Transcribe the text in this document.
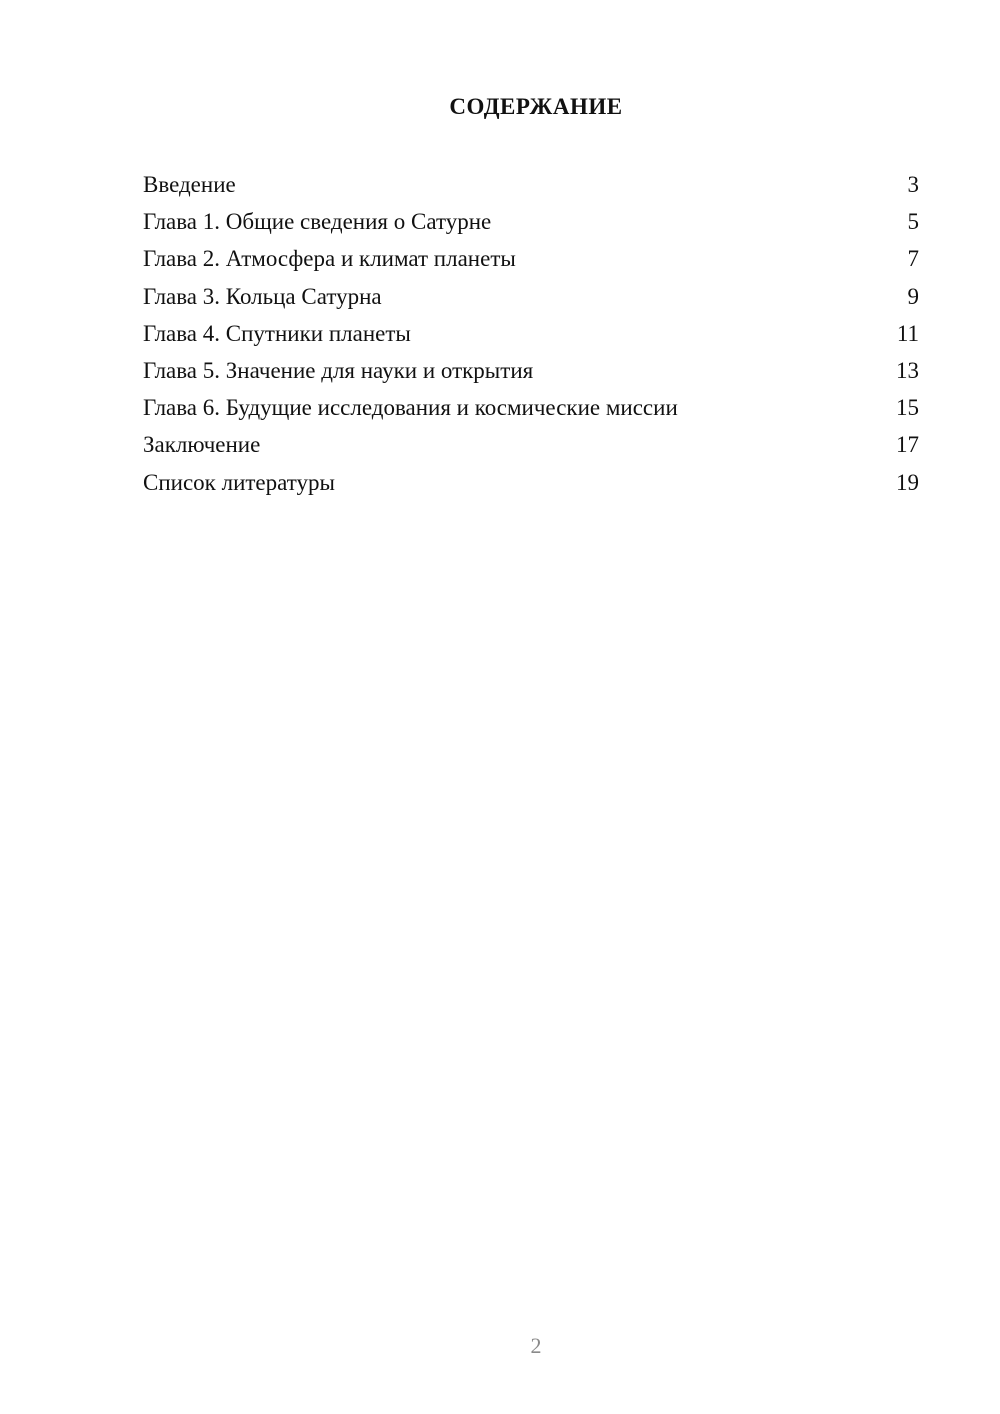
СОДЕРЖАНИЕ
Введение	3
Глава 1. Общие сведения о Сатурне	5
Глава 2. Атмосфера и климат планеты	7
Глава 3. Кольца Сатурна	9
Глава 4. Спутники планеты	11
Глава 5. Значение для науки и открытия	13
Глава 6. Будущие исследования и космические миссии	15
Заключение	17
Список литературы	19
2
